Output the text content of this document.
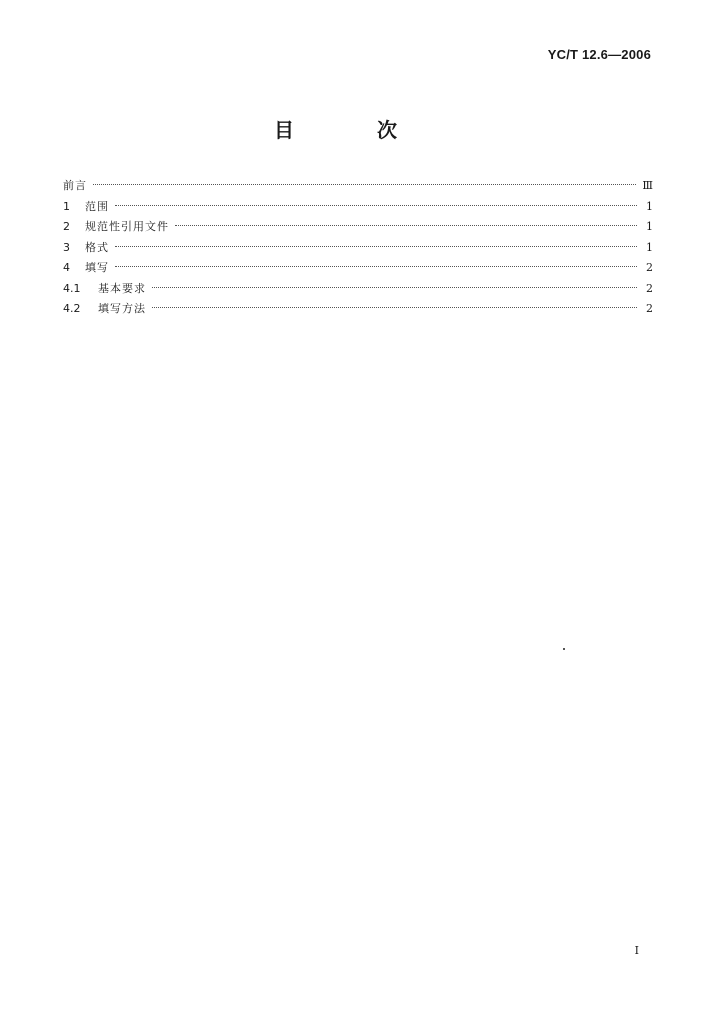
YC/T 12.6—2006
目 次
前言	Ⅲ
1	范围	1
2	规范性引用文件	1
3	格式	1
4	填写	2
4.1	基本要求	2
4.2	填写方法	2
I
